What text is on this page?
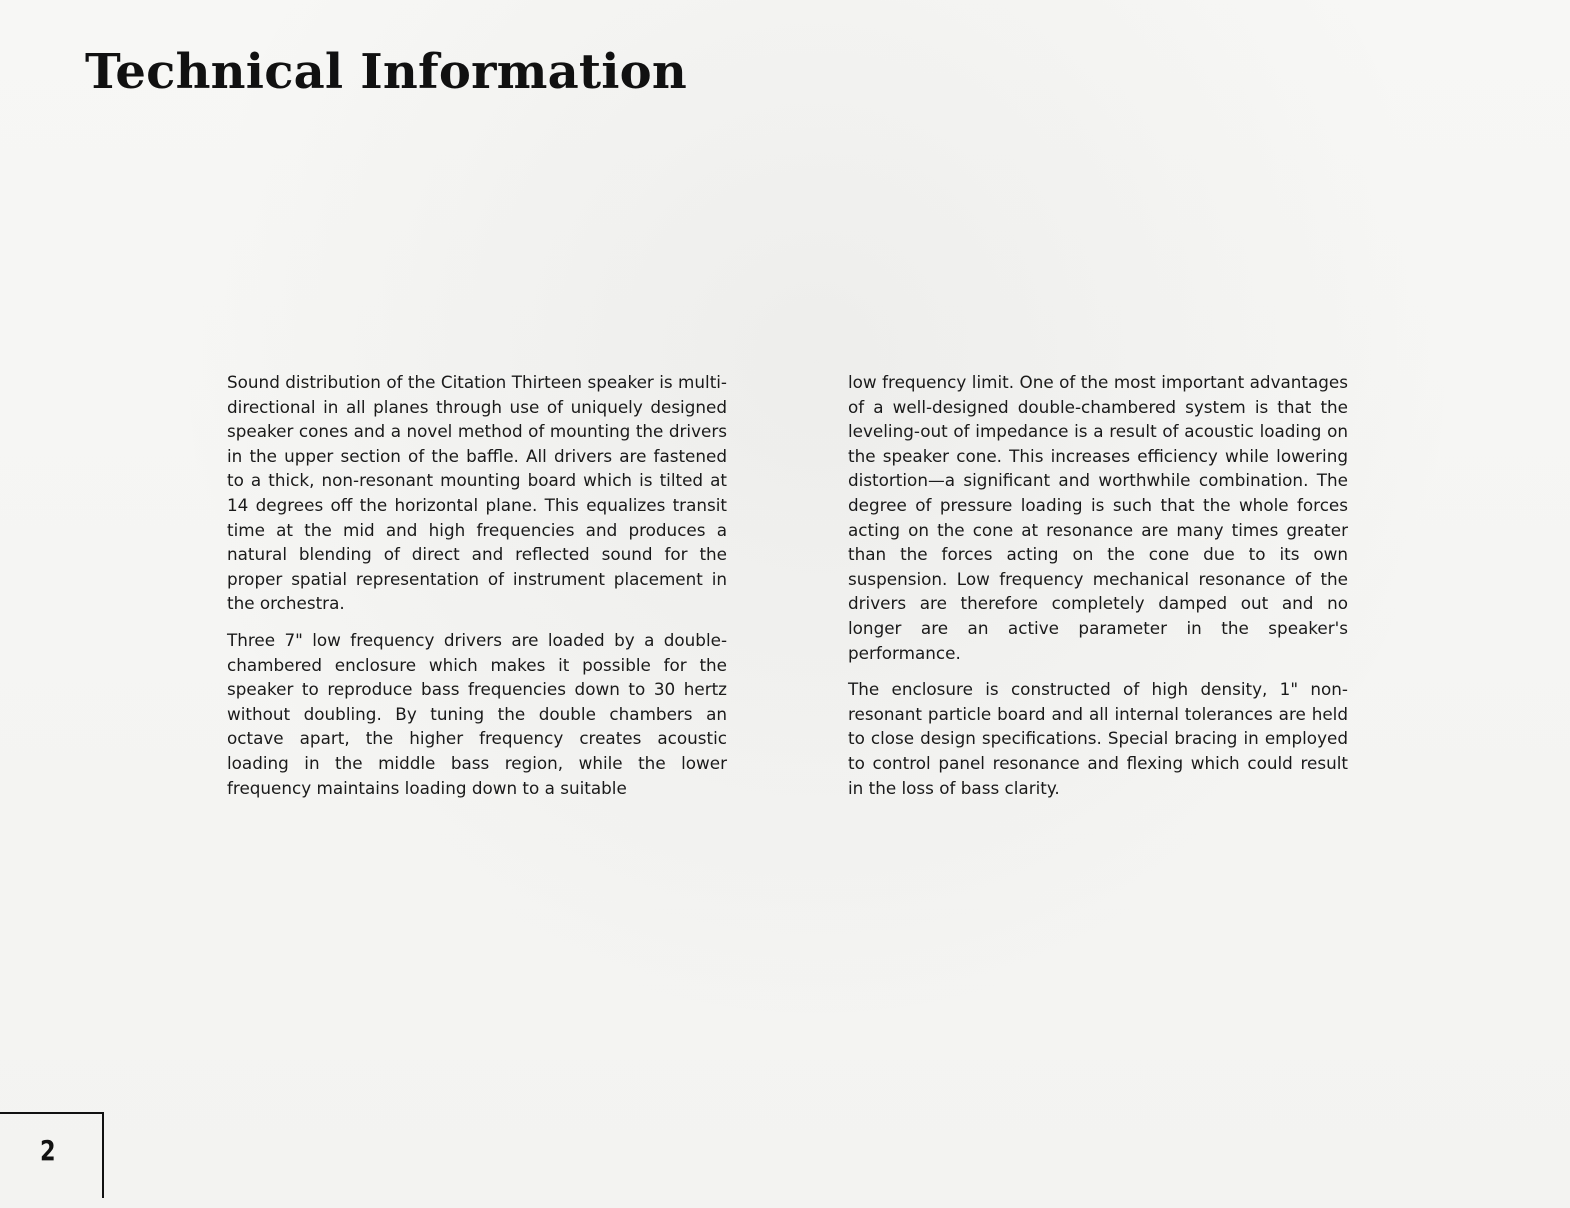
Technical Information

Sound distribution of the Citation Thirteen speaker is multi-directional in all planes through use of uniquely designed speaker cones and a novel method of mounting the drivers in the upper section of the baffle. All drivers are fastened to a thick, non-resonant mounting board which is tilted at 14 degrees off the horizontal plane. This equalizes transit time at the mid and high frequencies and produces a natural blending of direct and reflected sound for the proper spatial representation of instrument placement in the orchestra.

Three 7" low frequency drivers are loaded by a double-chambered enclosure which makes it possible for the speaker to reproduce bass frequencies down to 30 hertz without doubling. By tuning the double chambers an octave apart, the higher frequency creates acoustic loading in the middle bass region, while the lower frequency maintains loading down to a suitable

low frequency limit. One of the most important advantages of a well-designed double-chambered system is that the leveling-out of impedance is a result of acoustic loading on the speaker cone. This increases efficiency while lowering distortion—a significant and worthwhile combination. The degree of pressure loading is such that the whole forces acting on the cone at resonance are many times greater than the forces acting on the cone due to its own suspension. Low frequency mechanical resonance of the drivers are therefore completely damped out and no longer are an active parameter in the speaker's performance.

The enclosure is constructed of high density, 1" non-resonant particle board and all internal tolerances are held to close design specifications. Special bracing in employed to control panel resonance and flexing which could result in the loss of bass clarity.

2
